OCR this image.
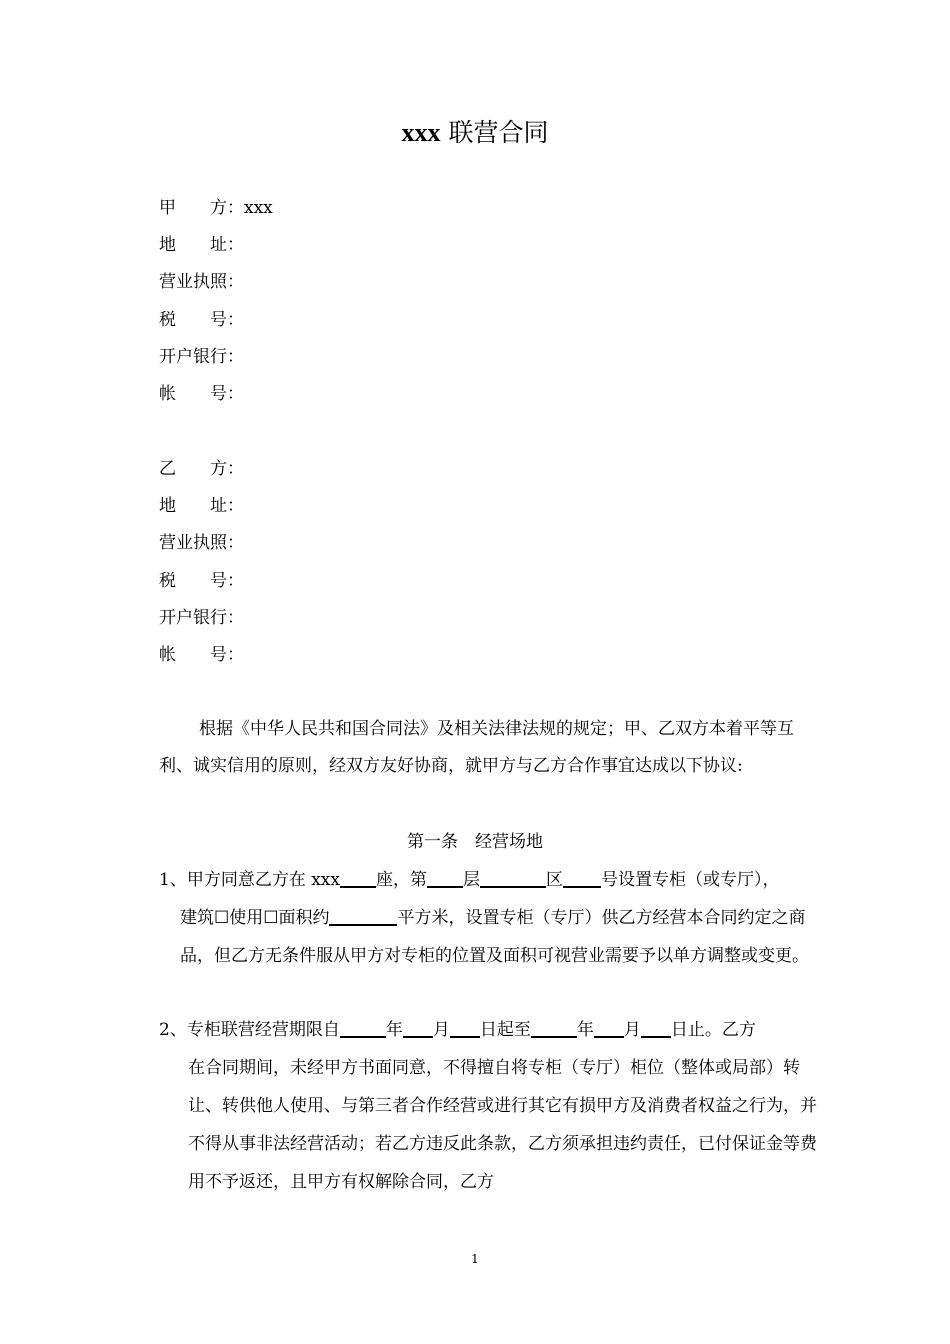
xxx 联营合同
甲　　方：xxx
地　　址：
营业执照：
税　　号：
开户银行：
帐　　号：
乙　　方：
地　　址：
营业执照：
税　　号：
开户银行：
帐　　号：
根据《中华人民共和国合同法》及相关法律法规的规定；甲、乙双方本着平等互利、诚实信用的原则，经双方友好协商，就甲方与乙方合作事宜达成以下协议:
第一条　经营场地
1、甲方同意乙方在 xxx 座，第 层	区 号设置专柜（或专厅），
建筑☐使用☐面积约	平方米，设置专柜（专厅）供乙方经营本合同约定之商品，但乙方无条件服从甲方对专柜的位置及面积可视营业需要予以单方调整或变更。
2、专柜联营经营期限自	年 月 日起至	年 月 日止。乙方
在合同期间，未经甲方书面同意，不得擅自将专柜（专厅）柜位（整体或局部）转让、转供他人使用、与第三者合作经营或进行其它有损甲方及消费者权益之行为，并不得从事非法经营活动；若乙方违反此条款，乙方须承担违约责任，已付保证金等费用不予返还，且甲方有权解除合同，乙方
1
